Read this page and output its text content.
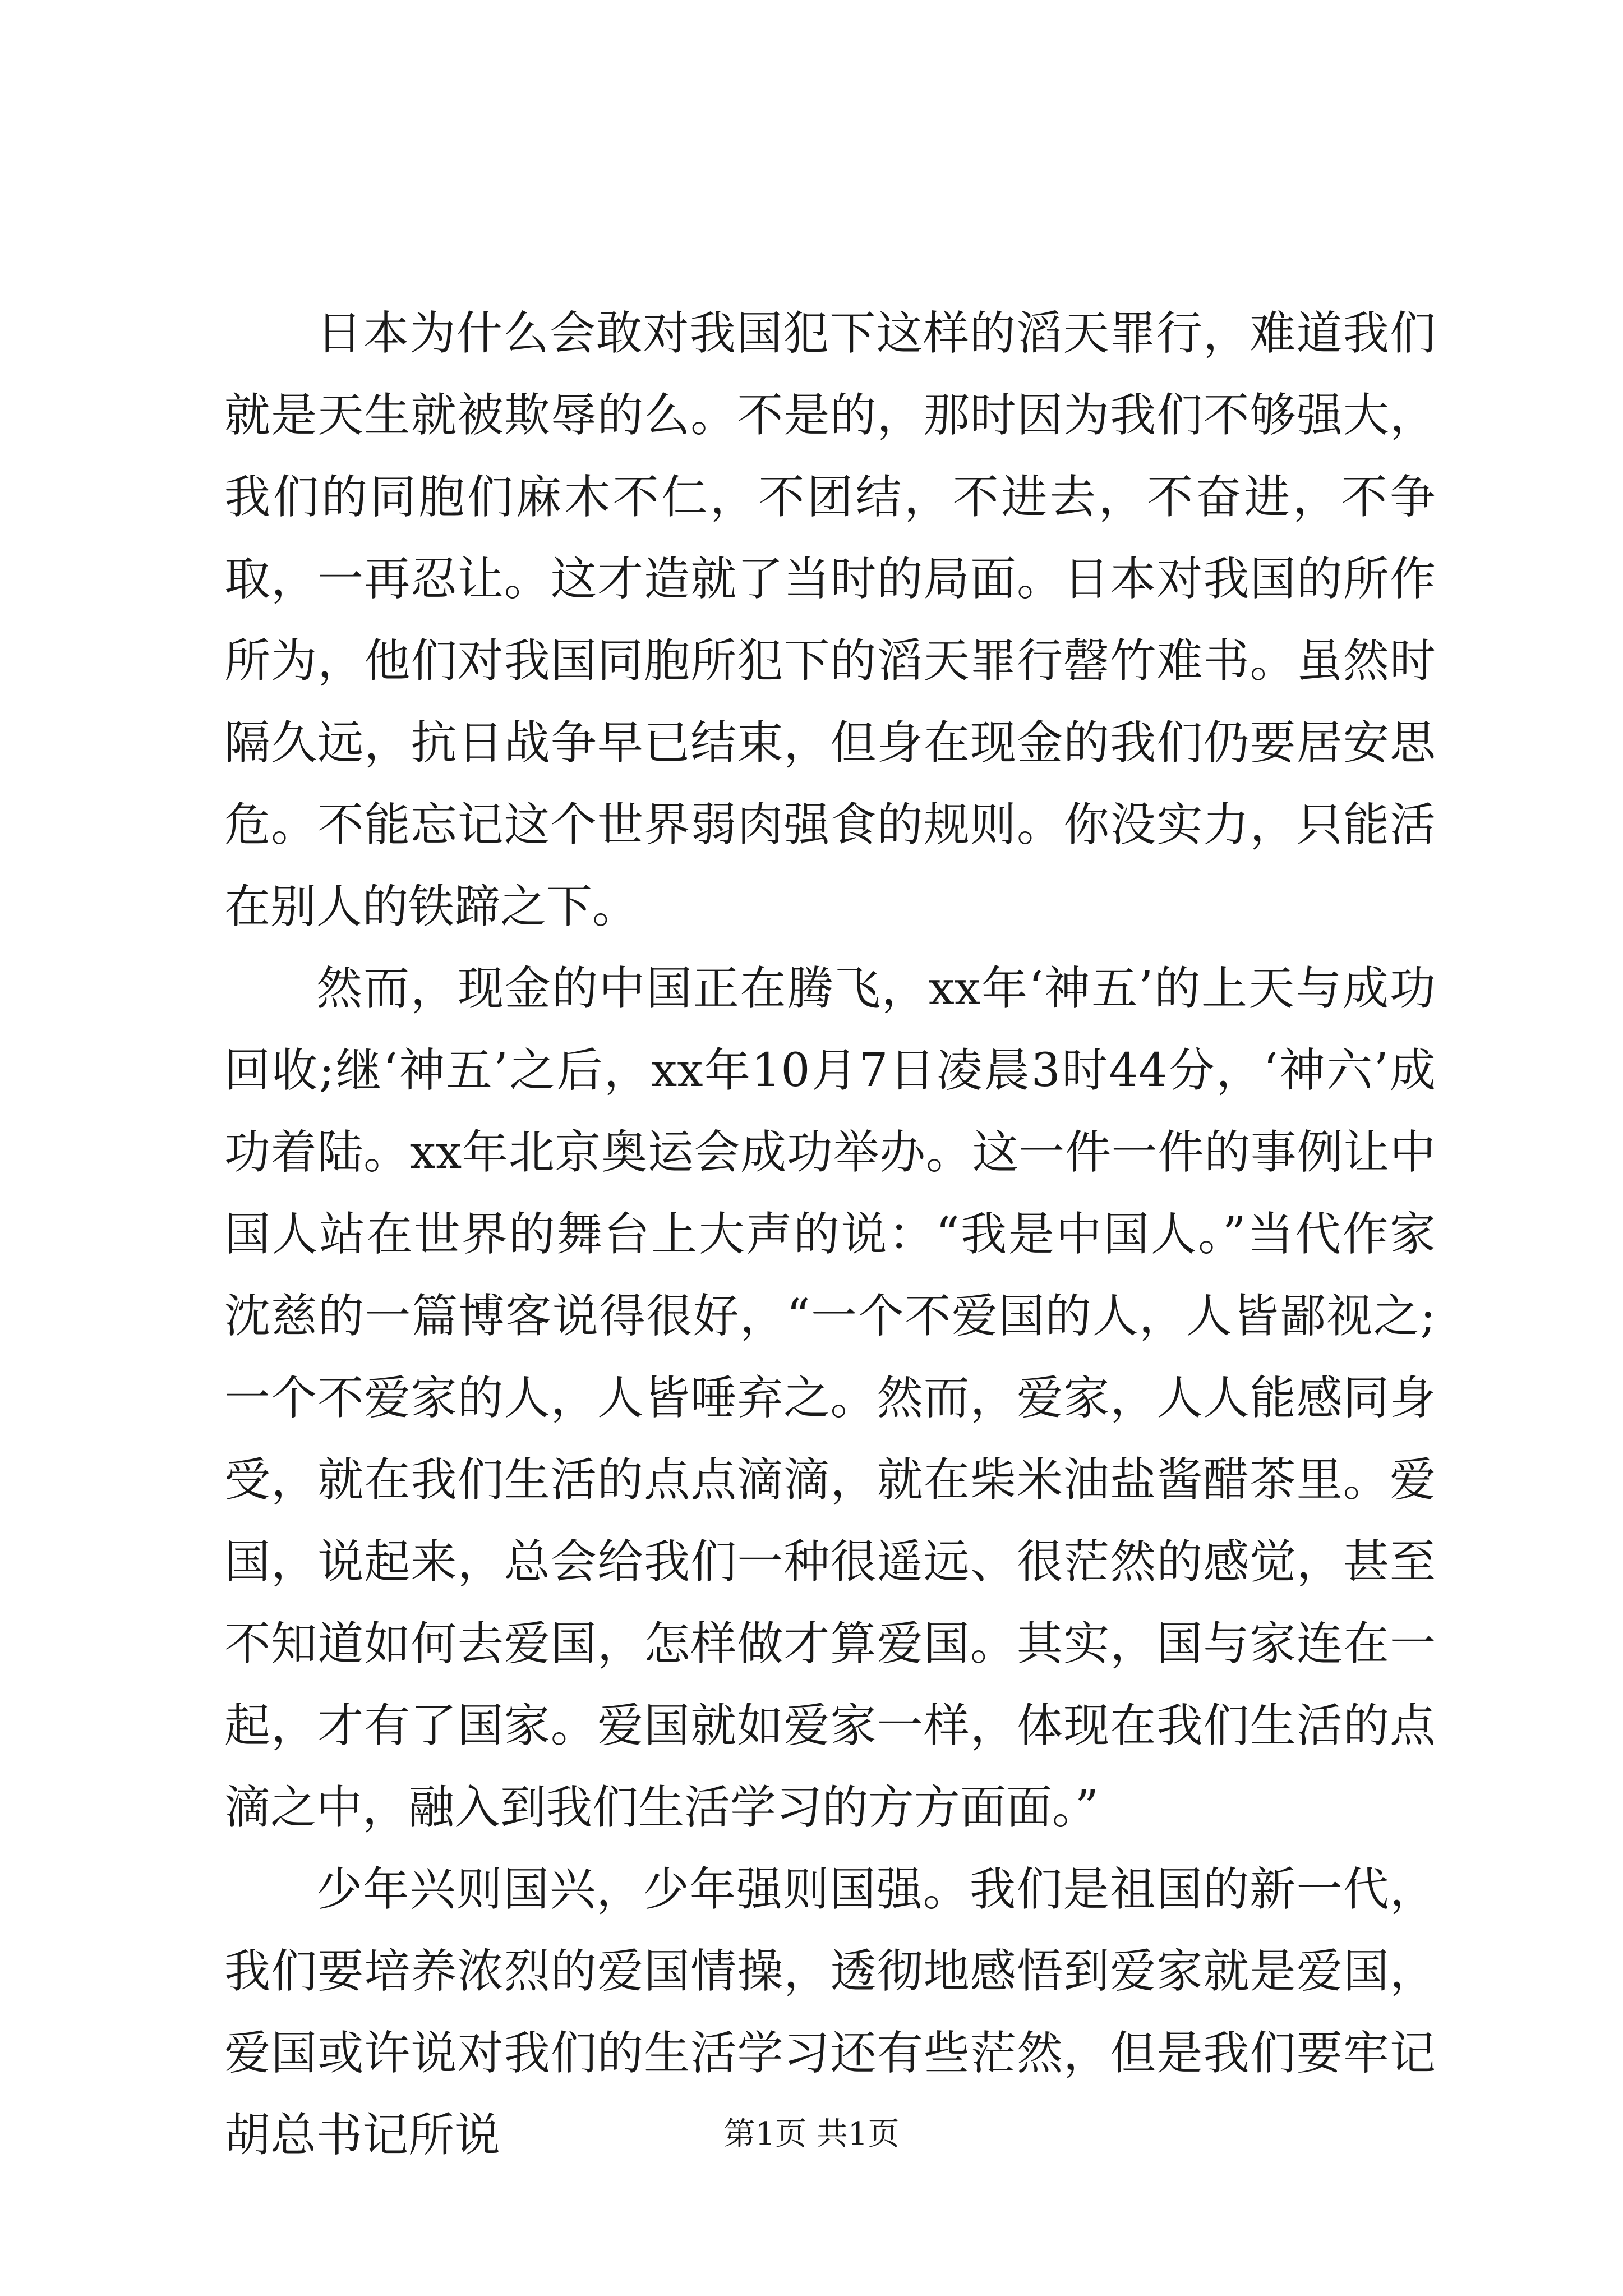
日本为什么会敢对我国犯下这样的滔天罪行，难道我们就是天生就被欺辱的么。不是的，那时因为我们不够强大，我们的同胞们麻木不仁，不团结，不进去，不奋进，不争取，一再忍让。这才造就了当时的局面。日本对我国的所作所为，他们对我国同胞所犯下的滔天罪行罄竹难书。虽然时隔久远，抗日战争早已结束，但身在现金的我们仍要居安思危。不能忘记这个世界弱肉强食的规则。你没实力，只能活在别人的铁蹄之下。

然而，现金的中国正在腾飞，xx年‘神五’的上天与成功回收;继‘神五’之后，xx年10月7日凌晨3时44分，‘神六’成功着陆。xx年北京奥运会成功举办。这一件一件的事例让中国人站在世界的舞台上大声的说：“我是中国人。”当代作家沈慈的一篇博客说得很好，“一个不爱国的人，人皆鄙视之;一个不爱家的人，人皆唾弃之。然而，爱家，人人能感同身受，就在我们生活的点点滴滴，就在柴米油盐酱醋茶里。爱国，说起来，总会给我们一种很遥远、很茫然的感觉，甚至不知道如何去爱国，怎样做才算爱国。其实，国与家连在一起，才有了国家。爱国就如爱家一样，体现在我们生活的点滴之中，融入到我们生活学习的方方面面。”

少年兴则国兴，少年强则国强。我们是祖国的新一代，我们要培养浓烈的爱国情操，透彻地感悟到爱家就是爱国，爱国或许说对我们的生活学习还有些茫然，但是我们要牢记胡总书记所说	第1页 共1页
